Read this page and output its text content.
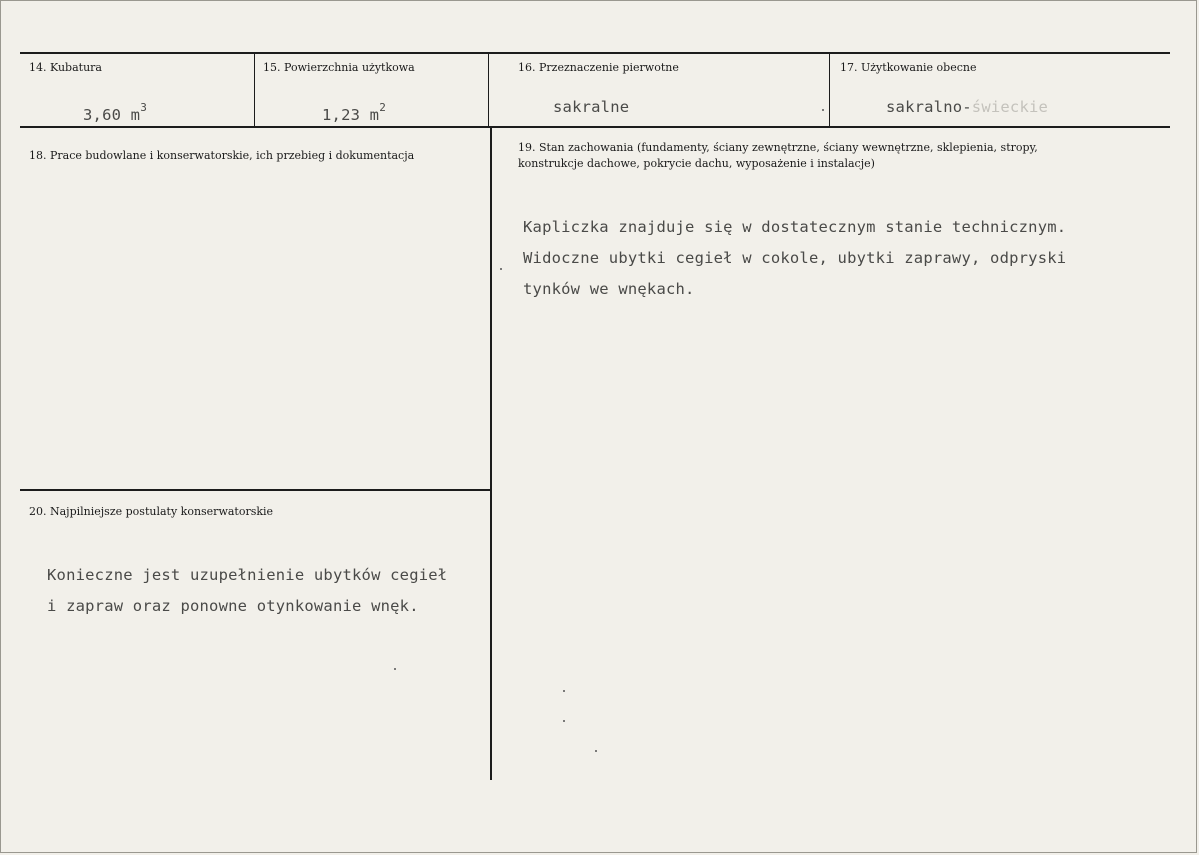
14. Kubatura
3,60 $m^3$
15. Powierzchnia użytkowa
1,23 $m^2$
16. Przeznaczenie pierwotne
sakralne
17. Użytkowanie obecne
sakralno-świeckie
18. Prace budowlane i konserwatorskie, ich przebieg i dokumentacja
19. Stan zachowania (fundamenty, ściany zewnętrzne, ściany wewnętrzne, sklepienia, stropy,
konstrukcje dachowe, pokrycie dachu, wyposażenie i instalacje)
Kapliczka znajduje się w dostatecznym stanie technicznym.
Widoczne ubytki cegieł w cokole, ubytki zaprawy, odpryski
tynków we wnękach.
20. Najpilniejsze postulaty konserwatorskie
Konieczne jest uzupełnienie ubytków cegieł
i zapraw oraz ponowne otynkowanie wnęk.
